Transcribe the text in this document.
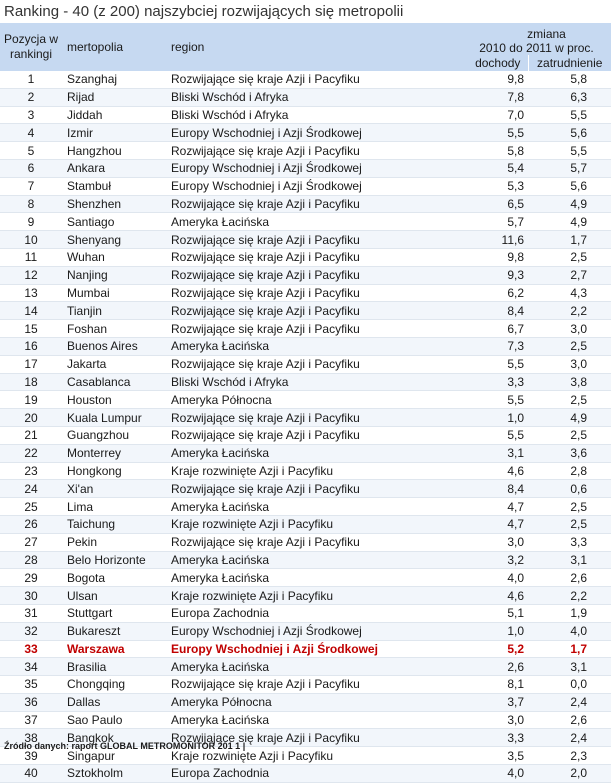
Ranking - 40 (z 200) najszybciej rozwijających się metropolii
Pozycja w rankingi	mertopolia	region	zmiana
2010 do 2011 w proc.	

			dochody	zatrudnienie
1	Szanghaj	Rozwijające się kraje Azji i Pacyfiku	9,8	5,8
2	Rijad	Bliski Wschód i Afryka	7,8	6,3
3	Jiddah	Bliski Wschód i Afryka	7,0	5,5
4	Izmir	Europy Wschodniej i Azji Środkowej	5,5	5,6
5	Hangzhou	Rozwijające się kraje Azji i Pacyfiku	5,8	5,5
6	Ankara	Europy Wschodniej i Azji Środkowej	5,4	5,7
7	Stambuł	Europy Wschodniej i Azji Środkowej	5,3	5,6
8	Shenzhen	Rozwijające się kraje Azji i Pacyfiku	6,5	4,9
9	Santiago	Ameryka Łacińska	5,7	4,9
10	Shenyang	Rozwijające się kraje Azji i Pacyfiku	11,6	1,7
11	Wuhan	Rozwijające się kraje Azji i Pacyfiku	9,8	2,5
12	Nanjing	Rozwijające się kraje Azji i Pacyfiku	9,3	2,7
13	Mumbai	Rozwijające się kraje Azji i Pacyfiku	6,2	4,3
14	Tianjin	Rozwijające się kraje Azji i Pacyfiku	8,4	2,2
15	Foshan	Rozwijające się kraje Azji i Pacyfiku	6,7	3,0
16	Buenos Aires	Ameryka Łacińska	7,3	2,5
17	Jakarta	Rozwijające się kraje Azji i Pacyfiku	5,5	3,0
18	Casablanca	Bliski Wschód i Afryka	3,3	3,8
19	Houston	Ameryka Północna	5,5	2,5
20	Kuala Lumpur	Rozwijające się kraje Azji i Pacyfiku	1,0	4,9
21	Guangzhou	Rozwijające się kraje Azji i Pacyfiku	5,5	2,5
22	Monterrey	Ameryka Łacińska	3,1	3,6
23	Hongkong	Kraje rozwinięte Azji i Pacyfiku	4,6	2,8
24	Xi'an	Rozwijające się kraje Azji i Pacyfiku	8,4	0,6
25	Lima	Ameryka Łacińska	4,7	2,5
26	Taichung	Kraje rozwinięte Azji i Pacyfiku	4,7	2,5
27	Pekin	Rozwijające się kraje Azji i Pacyfiku	3,0	3,3
28	Belo Horizonte	Ameryka Łacińska	3,2	3,1
29	Bogota	Ameryka Łacińska	4,0	2,6
30	Ulsan	Kraje rozwinięte Azji i Pacyfiku	4,6	2,2
31	Stuttgart	Europa Zachodnia	5,1	1,9
32	Bukareszt	Europy Wschodniej i Azji Środkowej	1,0	4,0
33	Warszawa	Europy Wschodniej i Azji Środkowej	5,2	1,7
34	Brasilia	Ameryka Łacińska	2,6	3,1
35	Chongqing	Rozwijające się kraje Azji i Pacyfiku	8,1	0,0
36	Dallas	Ameryka Północna	3,7	2,4
37	Sao Paulo	Ameryka Łacińska	3,0	2,6
38	Bangkok	Rozwijające się kraje Azji i Pacyfiku	3,3	2,4
39	Singapur	Kraje rozwinięte Azji i Pacyfiku	3,5	2,3
40	Sztokholm	Europa Zachodnia	4,0	2,0
Źródło danych: raport GLOBAL METROMONITOR 201 1 |
